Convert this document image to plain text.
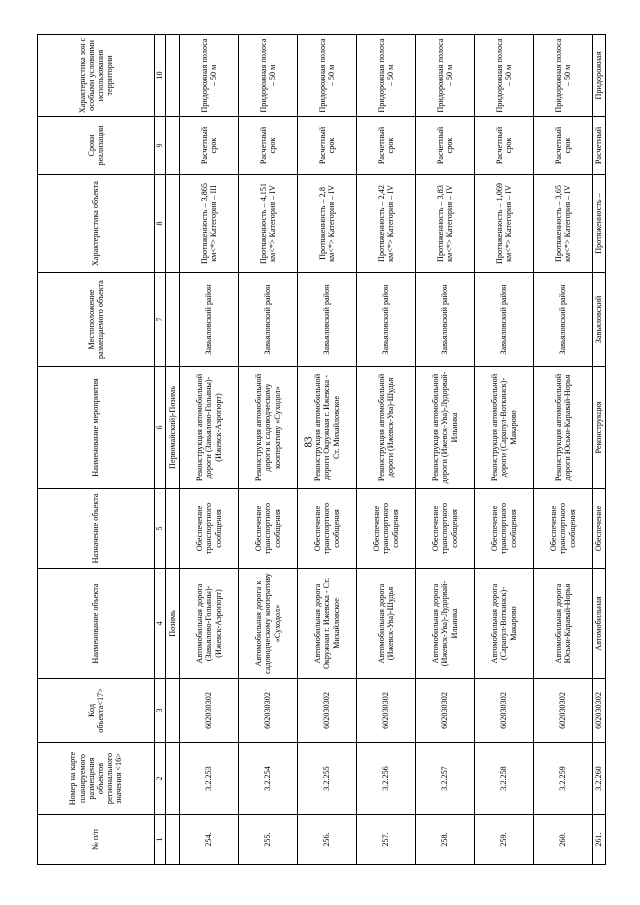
83
№ п/п	Номер на карте планируемого размещения объектов регионального значения <16>	Код объекта<17>	Наименование объекта	Назначение объекта	Наименование мероприятия	Местоположение размещаемого объекта	Характеристика объекта	Сроки реализации	Характеристика зон с особыми условиями использования территории
1	2	3	4	5	6	7	8	9	10
			Позимь		Первомайский)-Позимь				
254.	3.2.253	602030302	Автомобильная дорога (Завьялово-Гольяны)-(Ижевск-Аэропорт)	Обеспечение транспортного сообщения	Реконструкция автомобильной дороги (Завьялово-Гольяны)-(Ижевск-Аэропорт)	Завьяловский район	Протяженность – 3,865 км<*> Категория – III	Расчетный срок	Придорожная полоса – 50 м
255.	3.2.254	602030302	Автомобильная дорога к садоводческому кооперативу «Суходол»	Обеспечение транспортного сообщения	Реконструкция автомобильной дороги к садоводческому кооперативу «Суходол»	Завьяловский район	Протяженность – 4,151 км<*> Категория – IV	Расчетный срок	Придорожная полоса – 50 м
256.	3.2.255	602030302	Автомобильная дорога Окружная г. Ижевска - Ст. Михайловское	Обеспечение транспортного сообщения	Реконструкция автомобильной дороги Окружная г. Ижевска - Ст. Михайловское	Завьяловский район	Протяженность – 2,8 км<*> Категория – IV	Расчетный срок	Придорожная полоса – 50 м
257.	3.2.256	602030302	Автомобильная дорога (Ижевск-Ува)-Шудья	Обеспечение транспортного сообщения	Реконструкция автомобильной дороги (Ижевск-Ува)-Шудья	Завьяловский район	Протяженность – 2,42 км<*> Категория – IV	Расчетный срок	Придорожная полоса – 50 м
258.	3.2.257	602030302	Автомобильная дорога (Ижевск-Ува)-Лудорвай-Ильинка	Обеспечение транспортного сообщения	Реконструкция автомобильной дороги (Ижевск-Ува)-Лудорвай-Ильинка	Завьяловский район	Протяженность – 3,83 км<*> Категория – IV	Расчетный срок	Придорожная полоса – 50 м
259.	3.2.258	602030302	Автомобильная дорога (Сарапул-Воткинск)- Макарово	Обеспечение транспортного сообщения	Реконструкция автомобильной дороги (Сарапул-Воткинск)- Макарово	Завьяловский район	Протяженность – 1,069 км<*> Категория – IV	Расчетный срок	Придорожная полоса – 50 м
260.	3.2.259	602030302	Автомобильная дорога Юськи-Каравай-Норья	Обеспечение транспортного сообщения	Реконструкция автомобильной дороги Юськи-Каравай-Норья	Завьяловский район	Протяженность – 3,65 км<*> Категория – IV	Расчетный срок	Придорожная полоса – 50 м
261.	3.2.260	602030302	Автомобильная	Обеспечение	Реконструкция	Завьяловский	Протяженность –	Расчетный	Придорожная
